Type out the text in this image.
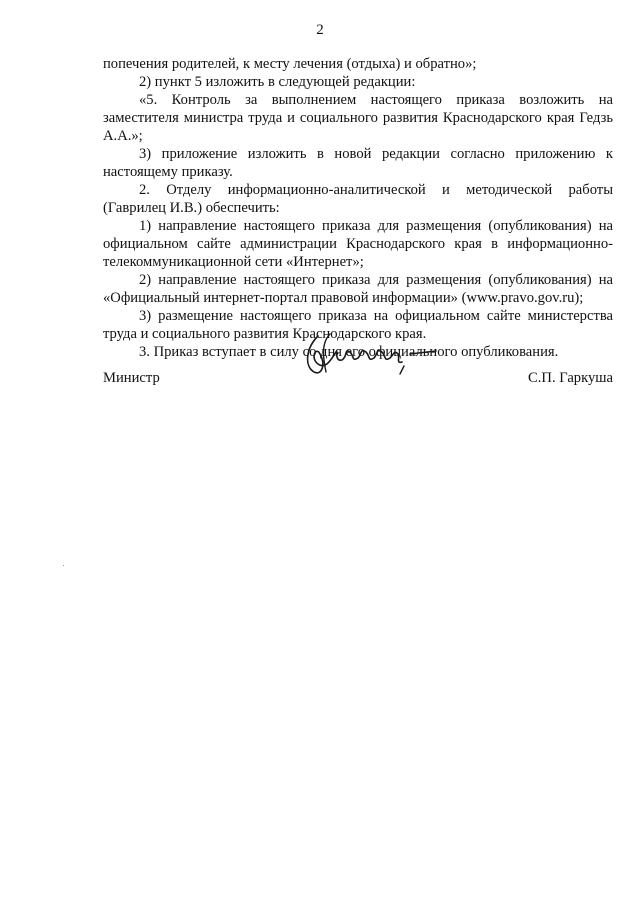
2

попечения родителей, к месту лечения (отдыха) и обратно»;

2) пункт 5 изложить в следующей редакции:

«5. Контроль за выполнением настоящего приказа возложить на заместителя министра труда и социального развития Краснодарского края Гедзь А.А.»;

3) приложение изложить в новой редакции согласно приложению к настоящему приказу.

2. Отделу информационно-аналитической и методической работы (Гаврилец И.В.) обеспечить:

1) направление настоящего приказа для размещения (опубликования) на официальном сайте администрации Краснодарского края в информационно-телекоммуникационной сети «Интернет»;

2) направление настоящего приказа для размещения (опубликования) на «Официальный интернет-портал правовой информации» (www.pravo.gov.ru);

3) размещение настоящего приказа на официальном сайте министерства труда и социального развития Краснодарского края.

3. Приказ вступает в силу со дня его официального опубликования.

Министр	С.П. Гаркуша
